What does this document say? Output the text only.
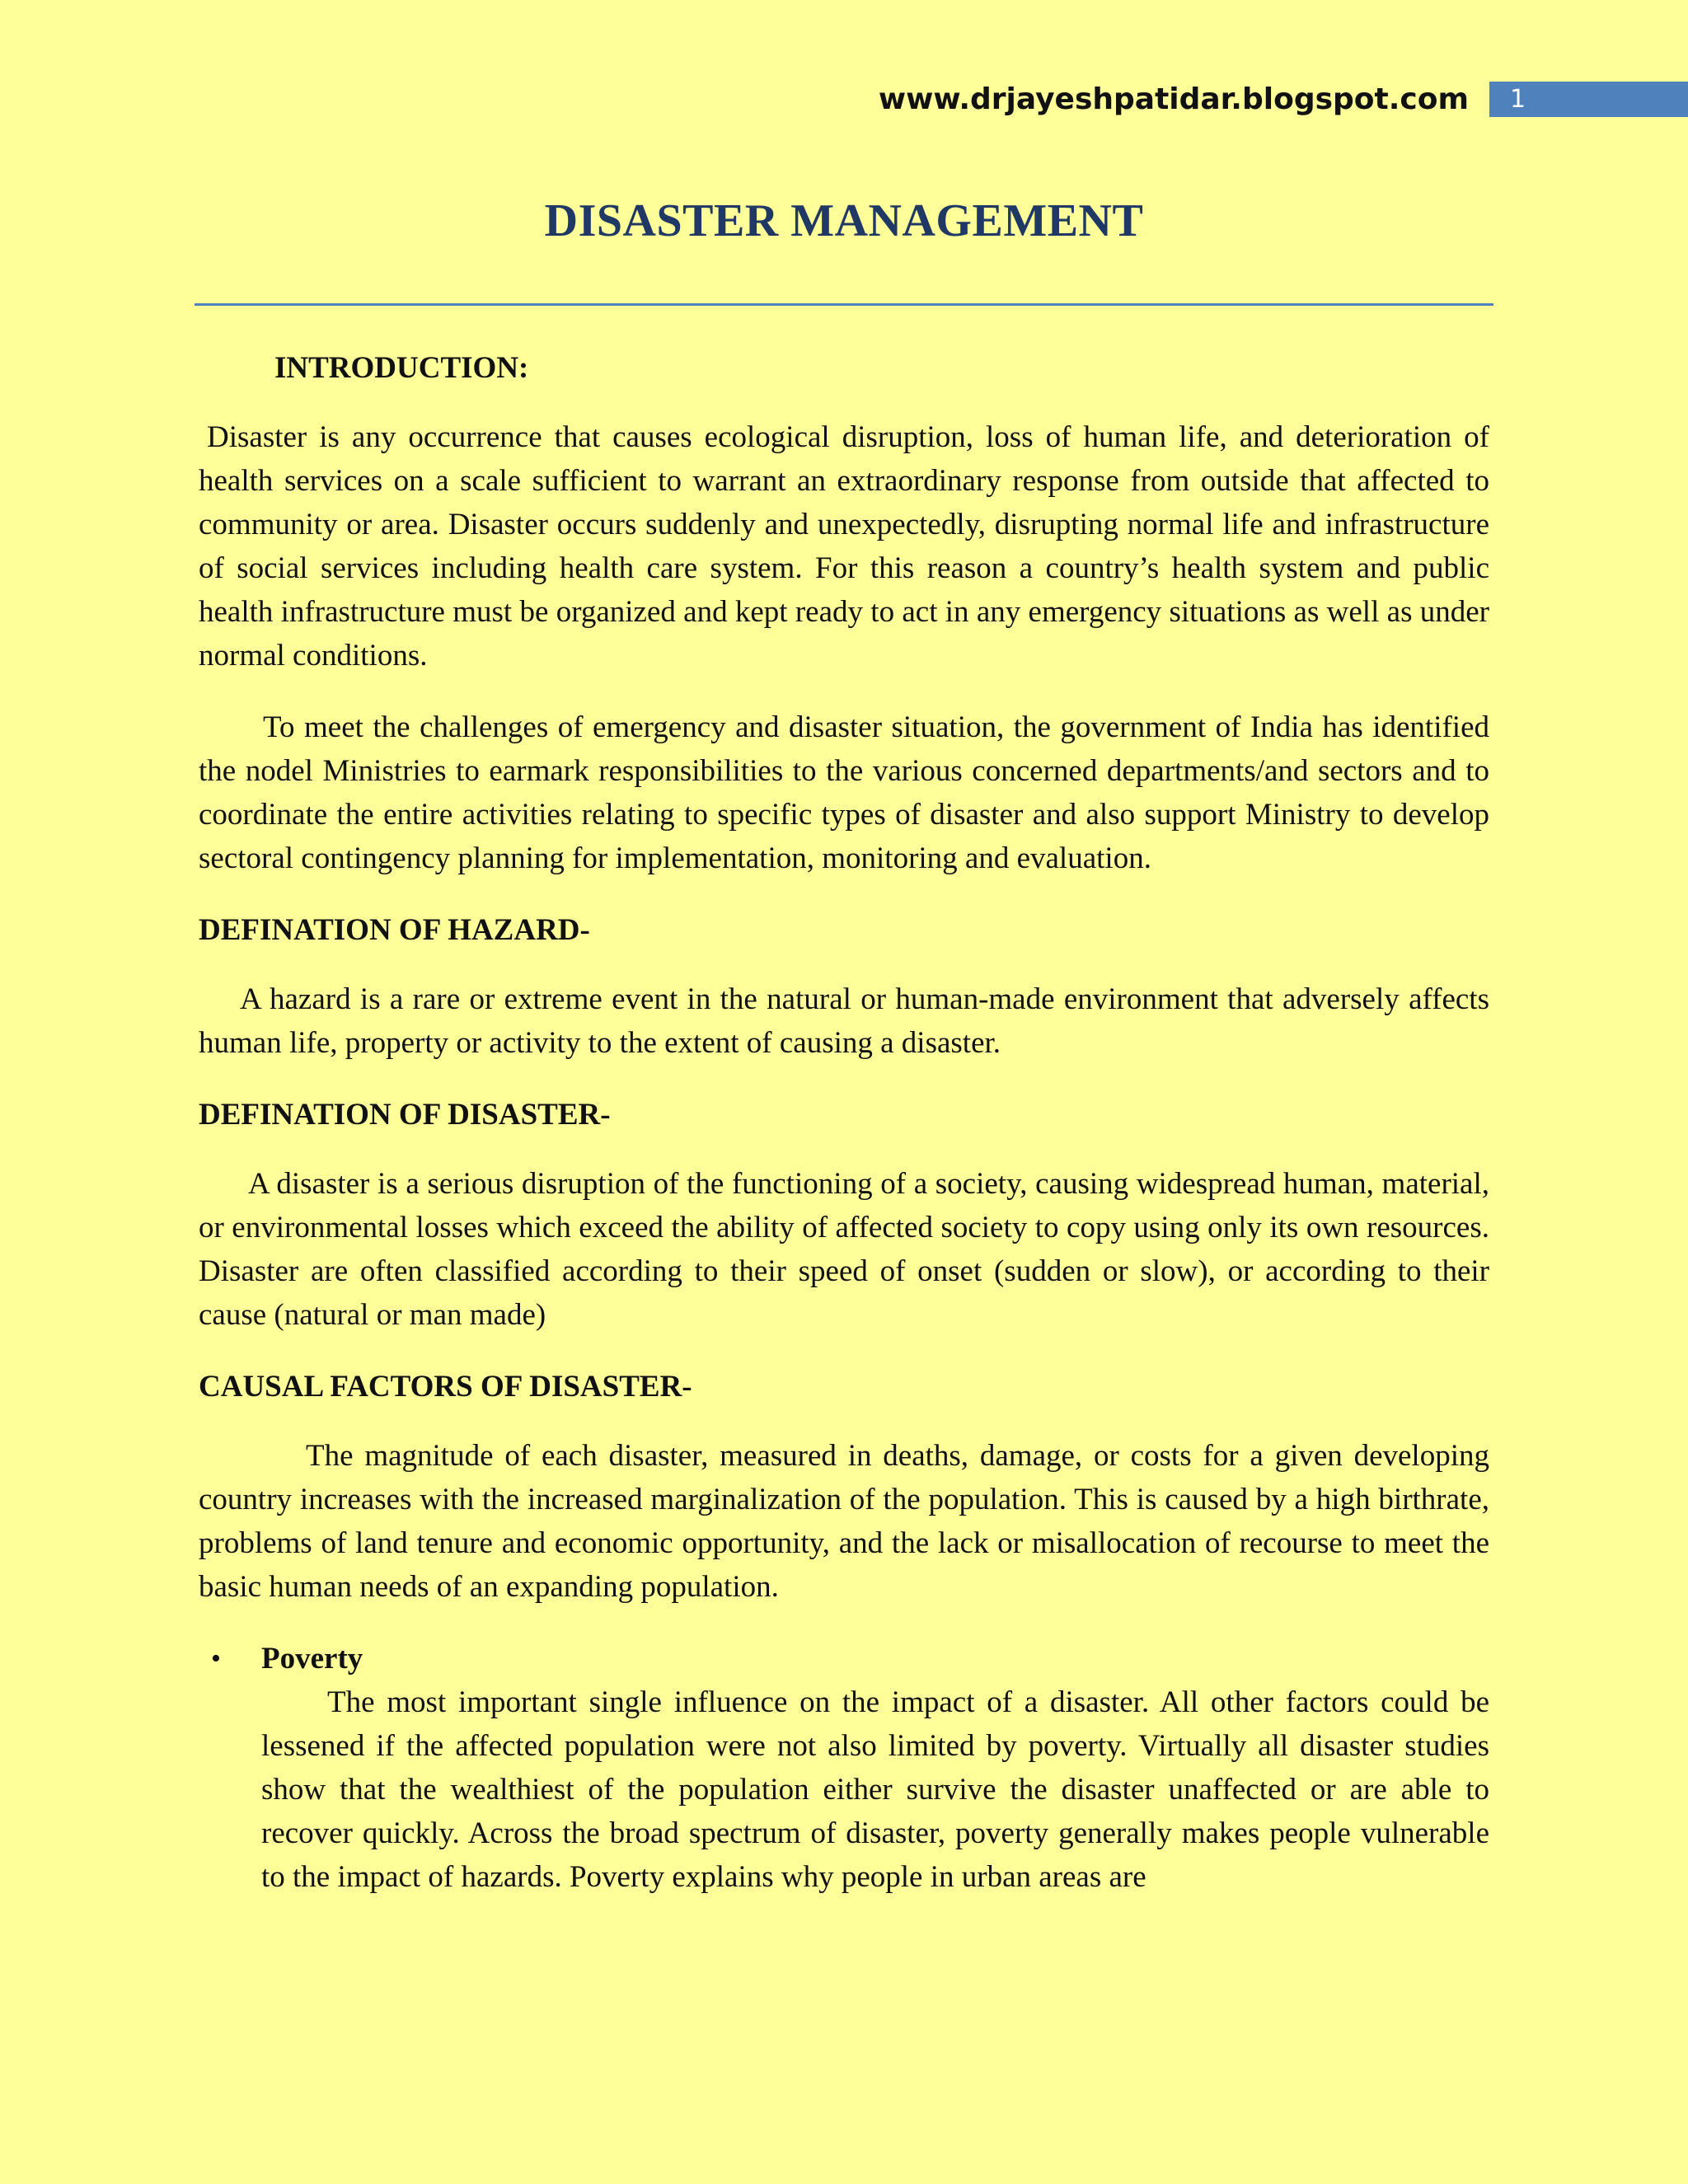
www.drjayeshpatidar.blogspot.com	1
DISASTER MANAGEMENT
INTRODUCTION:

Disaster is any occurrence that causes ecological disruption, loss of human life, and deterioration of health services on a scale sufficient to warrant an extraordinary response from outside that affected to community or area. Disaster occurs suddenly and unexpectedly, disrupting normal life and infrastructure of social services including health care system. For this reason a country’s health system and public health infrastructure must be organized and kept ready to act in any emergency situations as well as under normal conditions.

To meet the challenges of emergency and disaster situation, the government of India has identified the nodel Ministries to earmark responsibilities to the various concerned departments/and sectors and to coordinate the entire activities relating to specific types of disaster and also support Ministry to develop sectoral contingency planning for implementation, monitoring and evaluation.

DEFINATION OF HAZARD-

A hazard is a rare or extreme event in the natural or human-made environment that adversely affects human life, property or activity to the extent of causing a disaster.

DEFINATION OF DISASTER-

A disaster is a serious disruption of the functioning of a society, causing widespread human, material, or environmental losses which exceed the ability of affected society to copy using only its own resources. Disaster are often classified according to their speed of onset (sudden or slow), or according to their cause (natural or man made)

CAUSAL FACTORS OF DISASTER-

The magnitude of each disaster, measured in deaths, damage, or costs for a given developing country increases with the increased marginalization of the population. This is caused by a high birthrate, problems of land tenure and economic opportunity, and the lack or misallocation of recourse to meet the basic human needs of an expanding population.

• Poverty

The most important single influence on the impact of a disaster. All other factors could be lessened if the affected population were not also limited by poverty. Virtually all disaster studies show that the wealthiest of the population either survive the disaster unaffected or are able to recover quickly. Across the broad spectrum of disaster, poverty generally makes people vulnerable to the impact of hazards. Poverty explains why people in urban areas are
